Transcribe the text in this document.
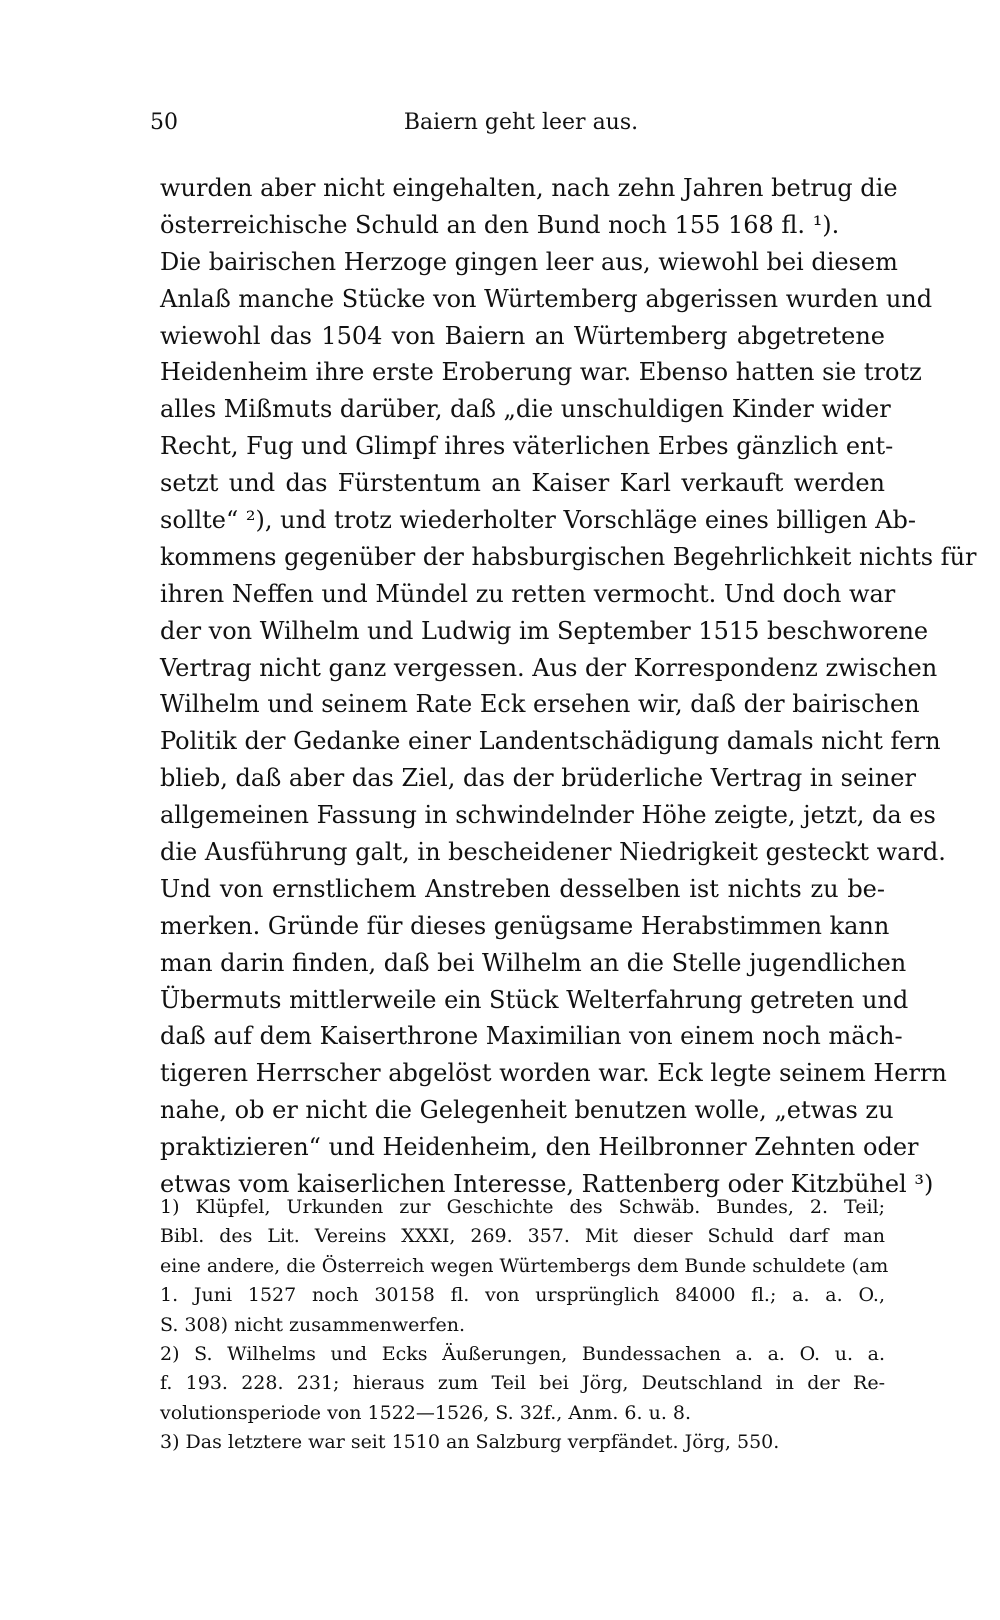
50	Baiern geht leer aus.
wurden aber nicht eingehalten, nach zehn Jahren betrug die
österreichische Schuld an den Bund noch 155 168 fl. ¹).
Die bairischen Herzoge gingen leer aus, wiewohl bei diesem
Anlaß manche Stücke von Würtemberg abgerissen wurden und
wiewohl das 1504 von Baiern an Würtemberg abgetretene
Heidenheim ihre erste Eroberung war. Ebenso hatten sie trotz
alles Mißmuts darüber, daß „die unschuldigen Kinder wider
Recht, Fug und Glimpf ihres väterlichen Erbes gänzlich ent-
setzt und das Fürstentum an Kaiser Karl verkauft werden
sollte“ ²), und trotz wiederholter Vorschläge eines billigen Ab-
kommens gegenüber der habsburgischen Begehrlichkeit nichts für
ihren Neffen und Mündel zu retten vermocht. Und doch war
der von Wilhelm und Ludwig im September 1515 beschworene
Vertrag nicht ganz vergessen. Aus der Korrespondenz zwischen
Wilhelm und seinem Rate Eck ersehen wir, daß der bairischen
Politik der Gedanke einer Landentschädigung damals nicht fern
blieb, daß aber das Ziel, das der brüderliche Vertrag in seiner
allgemeinen Fassung in schwindelnder Höhe zeigte, jetzt, da es
die Ausführung galt, in bescheidener Niedrigkeit gesteckt ward.
Und von ernstlichem Anstreben desselben ist nichts zu be-
merken. Gründe für dieses genügsame Herabstimmen kann
man darin finden, daß bei Wilhelm an die Stelle jugendlichen
Übermuts mittlerweile ein Stück Welterfahrung getreten und
daß auf dem Kaiserthrone Maximilian von einem noch mäch-
tigeren Herrscher abgelöst worden war. Eck legte seinem Herrn
nahe, ob er nicht die Gelegenheit benutzen wolle, „etwas zu
praktizieren“ und Heidenheim, den Heilbronner Zehnten oder
etwas vom kaiserlichen Interesse, Rattenberg oder Kitzbühel ³)
1) Klüpfel, Urkunden zur Geschichte des Schwäb. Bundes, 2. Teil;
Bibl. des Lit. Vereins XXXI, 269. 357. Mit dieser Schuld darf man
eine andere, die Österreich wegen Würtembergs dem Bunde schuldete (am
1. Juni 1527 noch 30158 fl. von ursprünglich 84000 fl.; a. a. O.,
S. 308) nicht zusammenwerfen.
2) S. Wilhelms und Ecks Äußerungen, Bundessachen a. a. O. u. a.
f. 193. 228. 231; hieraus zum Teil bei Jörg, Deutschland in der Re-
volutionsperiode von 1522—1526, S. 32f., Anm. 6. u. 8.
3) Das letztere war seit 1510 an Salzburg verpfändet. Jörg, 550.
